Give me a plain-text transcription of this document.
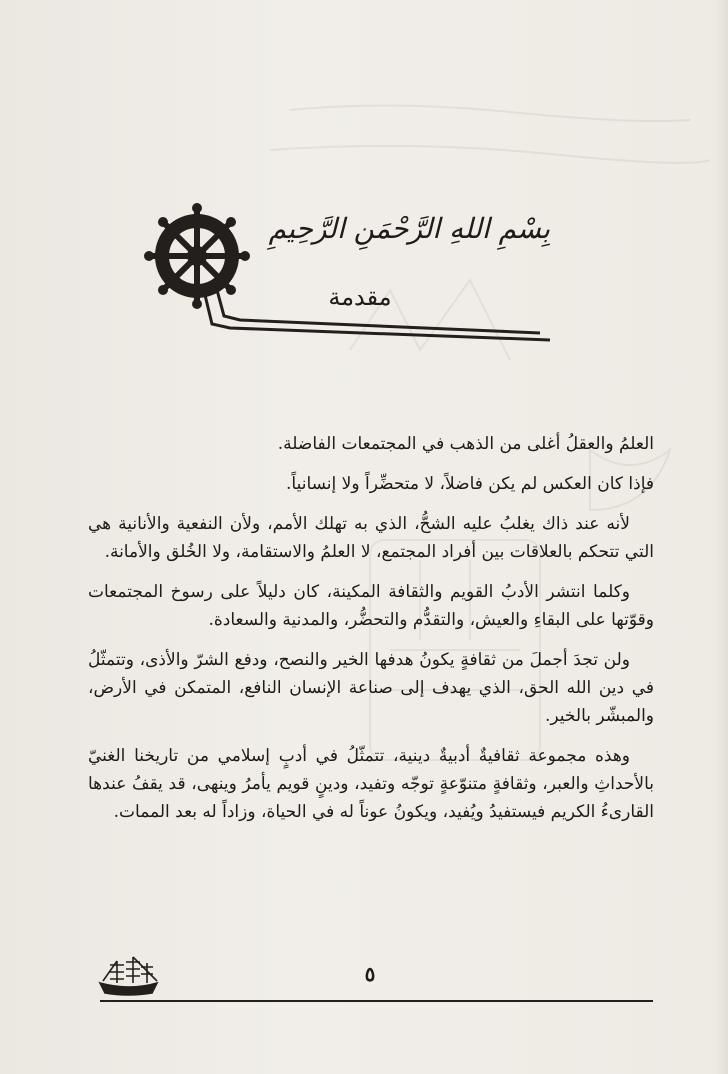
بِسْمِ اللهِ الرَّحْمَنِ الرَّحِيمِ
مقدمة

العلمُ والعقلُ أغلى من الذهب في المجتمعات الفاضلة.

فإذا كان العكس لم يكن فاضلاً، لا متحضِّراً ولا إنسانياً.

لأنه عند ذاك يغلبُ عليه الشحُّ، الذي به تهلك الأمم، ولأن النفعية والأنانية هي التي تتحكم بالعلاقات بين أفراد المجتمع، لا العلمُ والاستقامة، ولا الخُلق والأمانة.

وكلما انتشر الأدبُ القويم والثقافة المكينة، كان دليلاً على رسوخ المجتمعات وقوّتها على البقاءِ والعيش، والتقدُّم والتحضُّر، والمدنية والسعادة.

ولن تجدَ أجملَ من ثقافةٍ يكونُ هدفها الخير والنصح، ودفع الشرّ والأذى، وتتمثّلُ في دين الله الحق، الذي يهدف إلى صناعة الإنسان النافع، المتمكن في الأرض، والمبشّر بالخير.

وهذه مجموعة ثقافيةٌ أدبيةٌ دينية، تتمثّلُ في أدبٍ إسلامي من تاريخنا الغنيّ بالأحداثِ والعبر، وثقافةٍ متنوّعةٍ توجّه وتفيد، ودينٍ قويم يأمرُ وينهى، قد يقفُ عندها القارىءُ الكريم فيستفيدُ ويُفيد، ويكونُ عوناً له في الحياة، وزاداً له بعد الممات.

٥
